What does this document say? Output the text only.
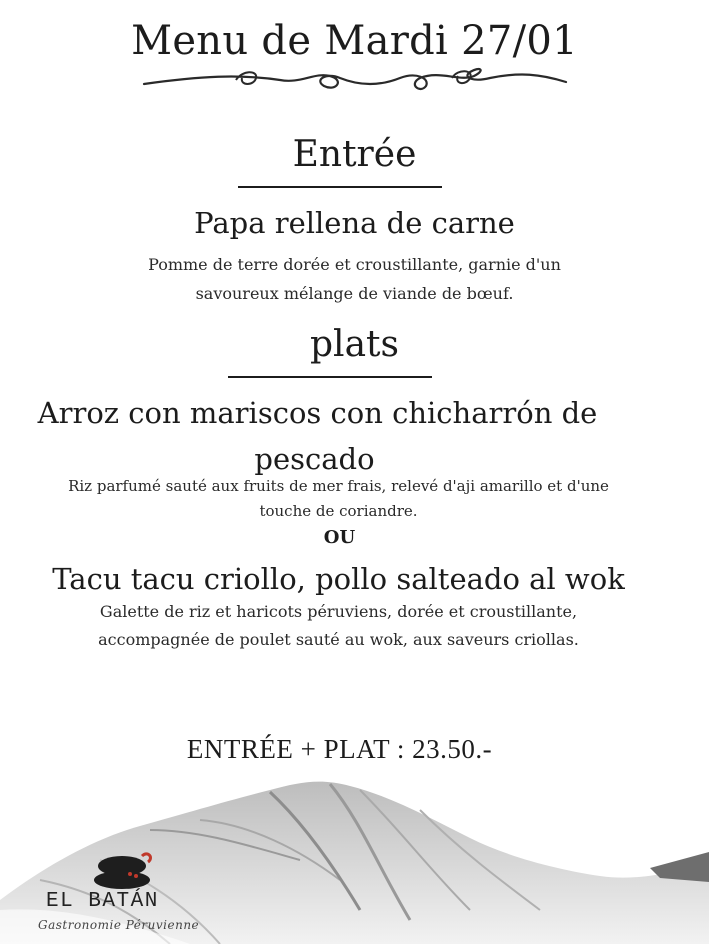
Menu de Mardi 27/01
Entrée
Papa rellena de carne
Pomme de terre dorée et croustillante, garnie d'un
savoureux mélange de viande de bœuf.
plats
Arroz con mariscos con chicharrón de
pescado
Riz parfumé sauté aux fruits de mer frais, relevé d'aji amarillo et d'une
touche de coriandre.
OU
Tacu tacu criollo, pollo salteado al wok
Galette de riz et haricots péruviens, dorée et croustillante,
accompagnée de poulet sauté au wok, aux saveurs criollas.
ENTRÉE + PLAT : 23.50.-
EL BATÁN
Gastronomie Péruvienne
